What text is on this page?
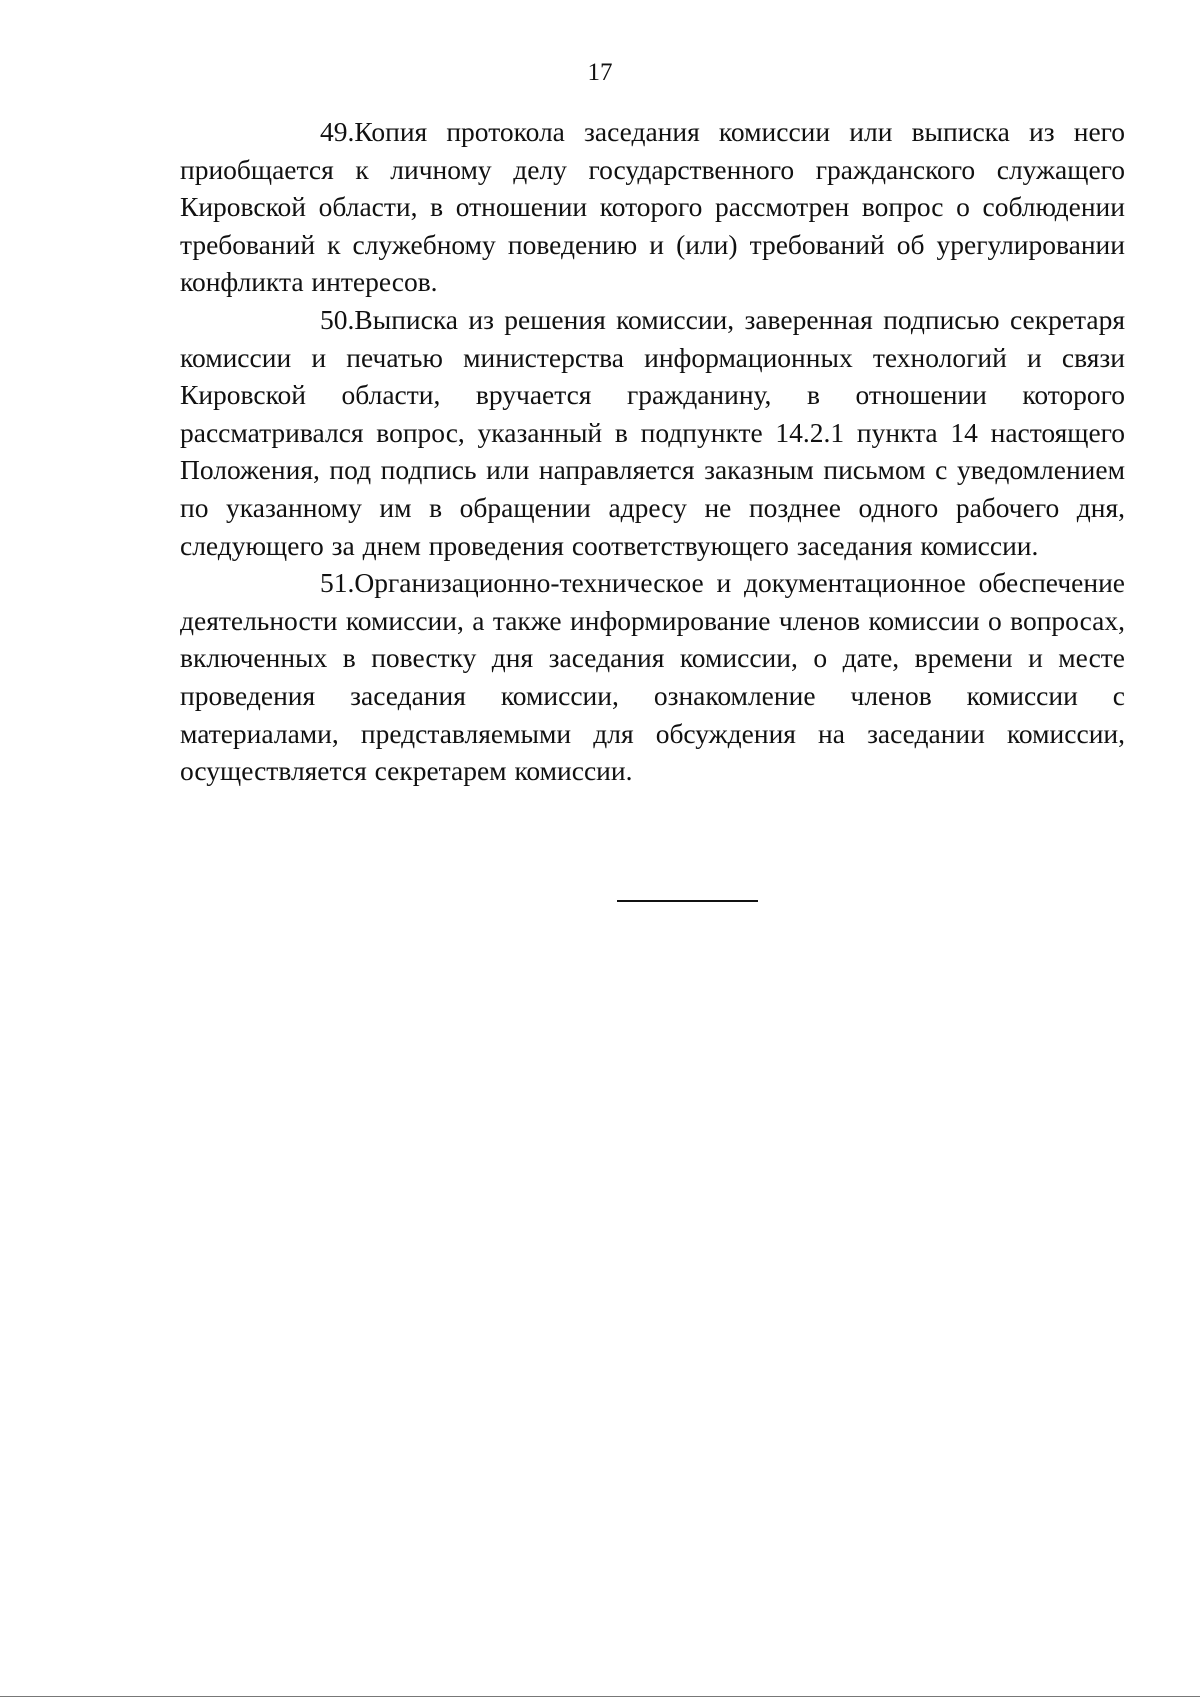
17

49.Копия протокола заседания комиссии или выписка из него приобщается к личному делу государственного гражданского служащего Кировской области, в отношении которого рассмотрен вопрос о соблюдении требований к служебному поведению и (или) требований об урегулировании конфликта интересов.

50.Выписка из решения комиссии, заверенная подписью секретаря комиссии и печатью министерства информационных технологий и связи Кировской области, вручается гражданину, в отношении которого рассматривался вопрос, указанный в подпункте 14.2.1 пункта 14 настоящего Положения, под подпись или направляется заказным письмом с уведомлением по указанному им в обращении адресу не позднее одного рабочего дня, следующего за днем проведения соответствующего заседания комиссии.

51.Организационно-техническое и документационное обеспечение деятельности комиссии, а также информирование членов комиссии о вопросах, включенных в повестку дня заседания комиссии, о дате, времени и месте проведения заседания комиссии, ознакомление членов комиссии с материалами, представляемыми для обсуждения на заседании комиссии, осуществляется секретарем комиссии.
